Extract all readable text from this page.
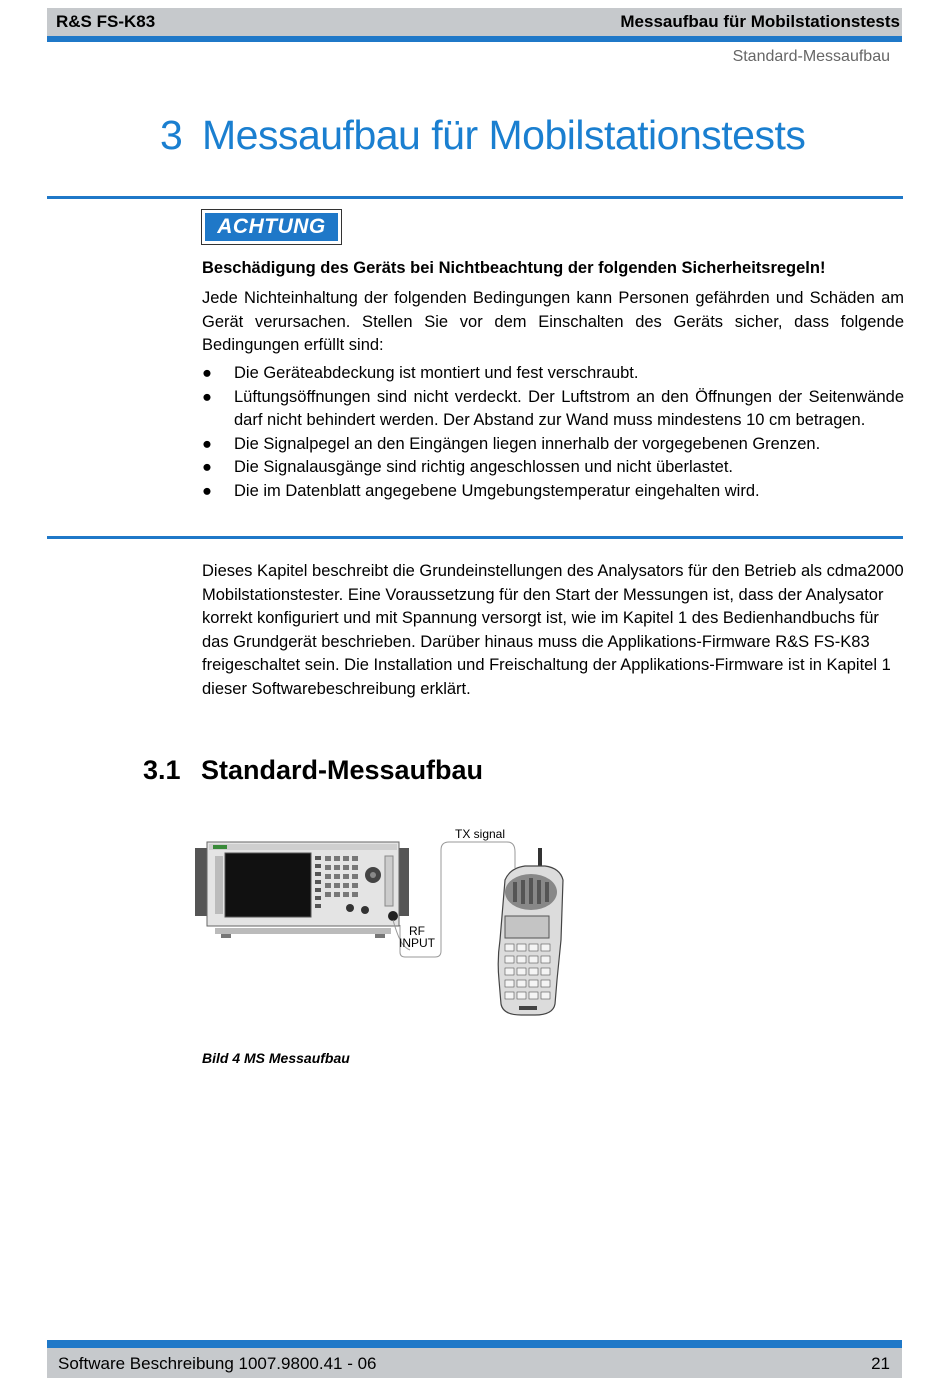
R&S FS-K83	Messaufbau für Mobilstationstests
Standard-Messaufbau
3 Messaufbau für Mobilstationstests
ACHTUNG
Beschädigung des Geräts bei Nichtbeachtung der folgenden Sicherheitsregeln!
Jede Nichteinhaltung der folgenden Bedingungen kann Personen gefährden und Schäden am Gerät verursachen. Stellen Sie vor dem Einschalten des Geräts sicher, dass folgende Bedingungen erfüllt sind:
● Die Geräteabdeckung ist montiert und fest verschraubt.
● Lüftungsöffnungen sind nicht verdeckt. Der Luftstrom an den Öffnungen der Seitenwände darf nicht behindert werden. Der Abstand zur Wand muss mindestens 10 cm betragen.
● Die Signalpegel an den Eingängen liegen innerhalb der vorgegebenen Grenzen.
● Die Signalausgänge sind richtig angeschlossen und nicht überlastet.
● Die im Datenblatt angegebene Umgebungstemperatur eingehalten wird.
Dieses Kapitel beschreibt die Grundeinstellungen des Analysators für den Betrieb als cdma2000 Mobilstationstester. Eine Voraussetzung für den Start der Messungen ist, dass der Analysator korrekt konfiguriert und mit Spannung versorgt ist, wie im Kapitel 1 des Bedienhandbuchs für das Grundgerät beschrieben. Darüber hinaus muss die Applikations-Firmware R&S FS-K83 freigeschaltet sein. Die Installation und Freischaltung der Applikations-Firmware ist in Kapitel 1 dieser Softwarebeschreibung erklärt.
3.1 Standard-Messaufbau
TX signal
RF
INPUT
Bild 4 MS Messaufbau
Software Beschreibung 1007.9800.41 - 06	21
